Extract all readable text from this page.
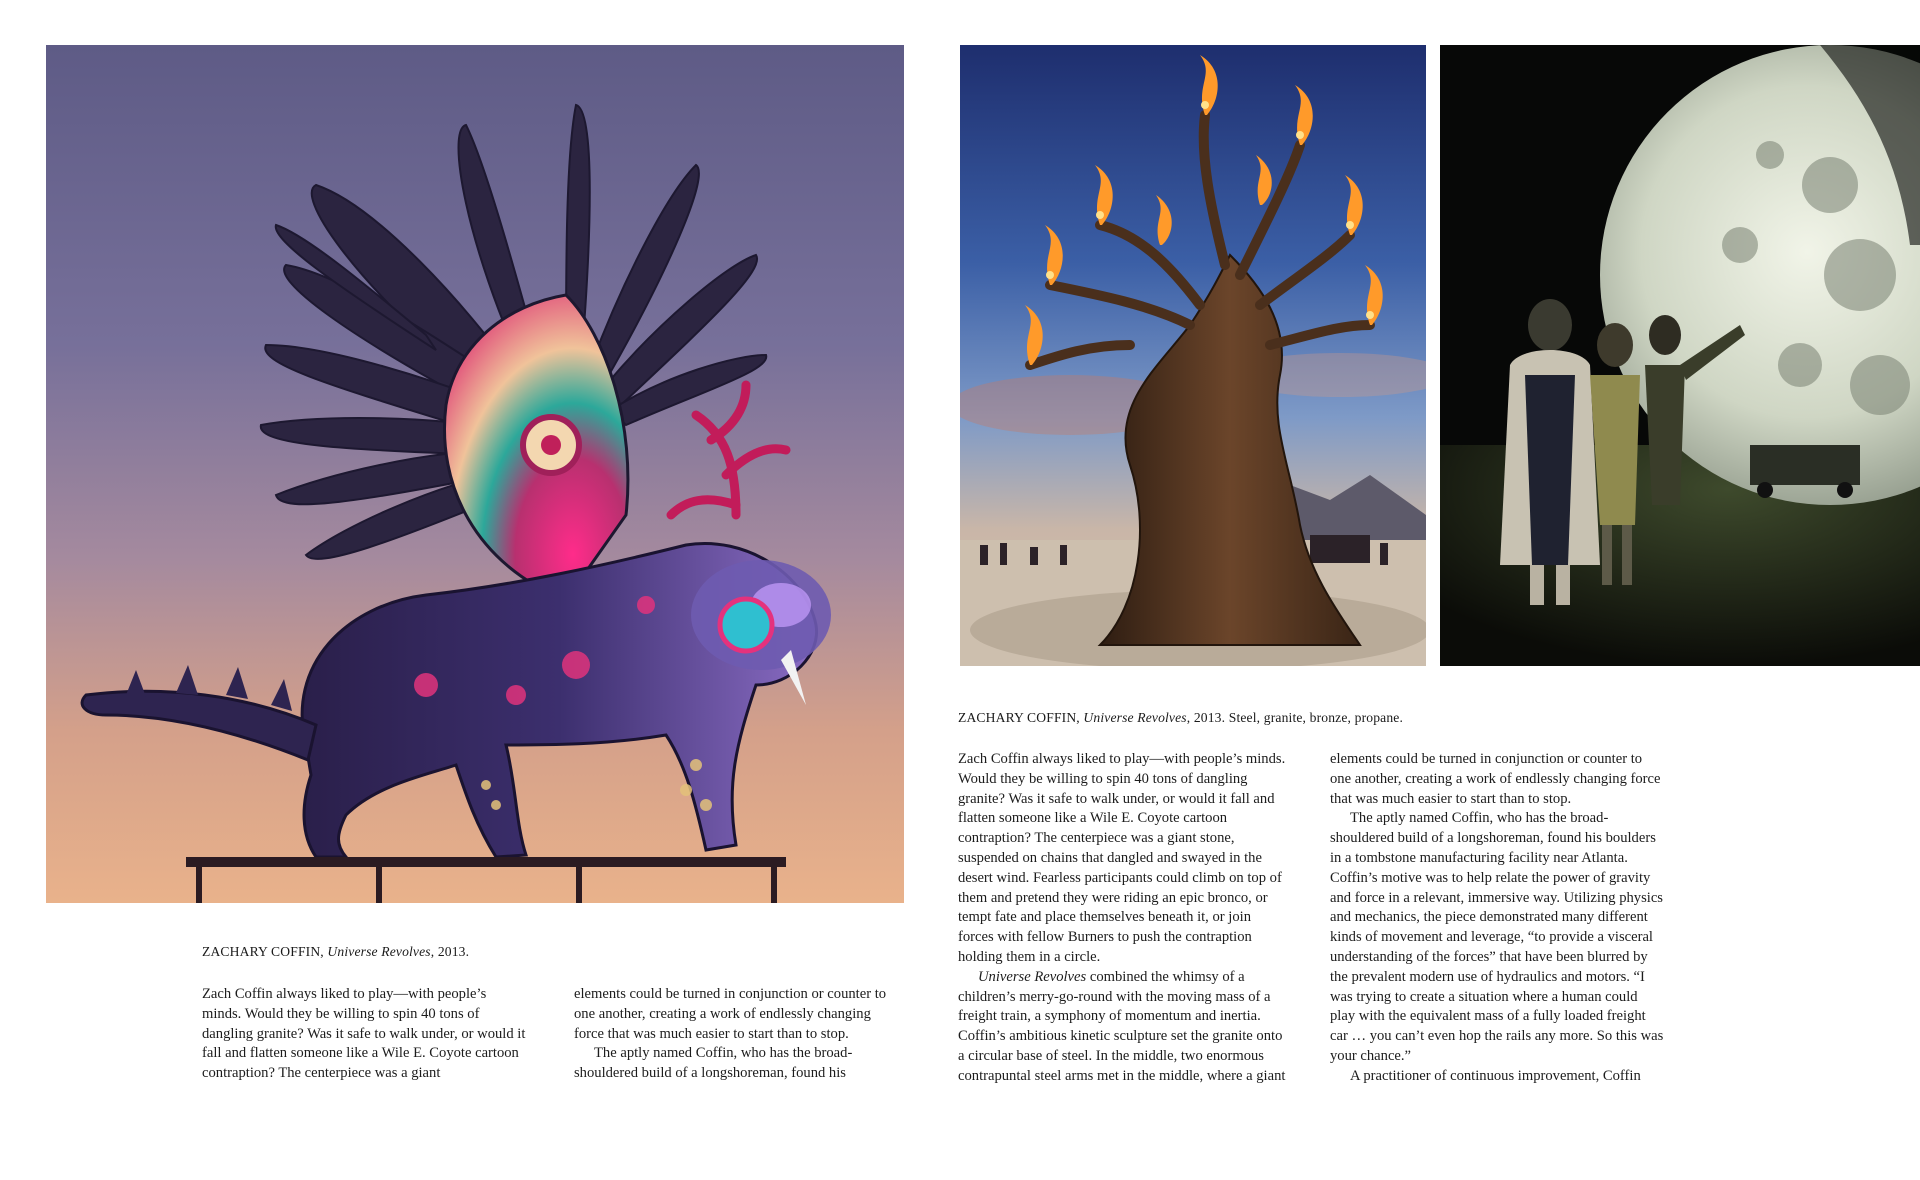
ZACHARY COFFIN, Universe Revolves, 2013.

Zach Coffin always liked to play—with people’s minds. Would they be willing to spin 40 tons of dangling granite? Was it safe to walk under, or would it fall and flatten someone like a Wile E. Coyote cartoon contraption? The centerpiece was a giant

elements could be turned in conjunction or counter to one another, creating a work of endlessly changing force that was much easier to start than to stop.

The aptly named Coffin, who has the broad-shouldered build of a longshoreman, found his

ZACHARY COFFIN, Universe Revolves, 2013. Steel, granite, bronze, propane.

Zach Coffin always liked to play—with people’s minds. Would they be willing to spin 40 tons of dangling granite? Was it safe to walk under, or would it fall and flatten someone like a Wile E. Coyote cartoon contraption? The centerpiece was a giant stone, suspended on chains that dangled and swayed in the desert wind. Fearless participants could climb on top of them and pretend they were riding an epic bronco, or tempt fate and place themselves beneath it, or join forces with fellow Burners to push the contraption holding them in a circle.

Universe Revolves combined the whimsy of a children’s merry-go-round with the moving mass of a freight train, a symphony of momentum and inertia. Coffin’s ambitious kinetic sculpture set the granite onto a circular base of steel. In the middle, two enormous contrapuntal steel arms met in the middle, where a giant

elements could be turned in conjunction or counter to one another, creating a work of endlessly changing force that was much easier to start than to stop.

The aptly named Coffin, who has the broad-shouldered build of a longshoreman, found his boulders in a tombstone manufacturing facility near Atlanta. Coffin’s motive was to help relate the power of gravity and force in a relevant, immersive way. Utilizing physics and mechanics, the piece demonstrated many different kinds of movement and leverage, “to provide a visceral understanding of the forces” that have been blurred by the prevalent modern use of hydraulics and motors. “I was trying to create a situation where a human could play with the equivalent mass of a fully loaded freight car … you can’t even hop the rails any more. So this was your chance.”

A practitioner of continuous improvement, Coffin
